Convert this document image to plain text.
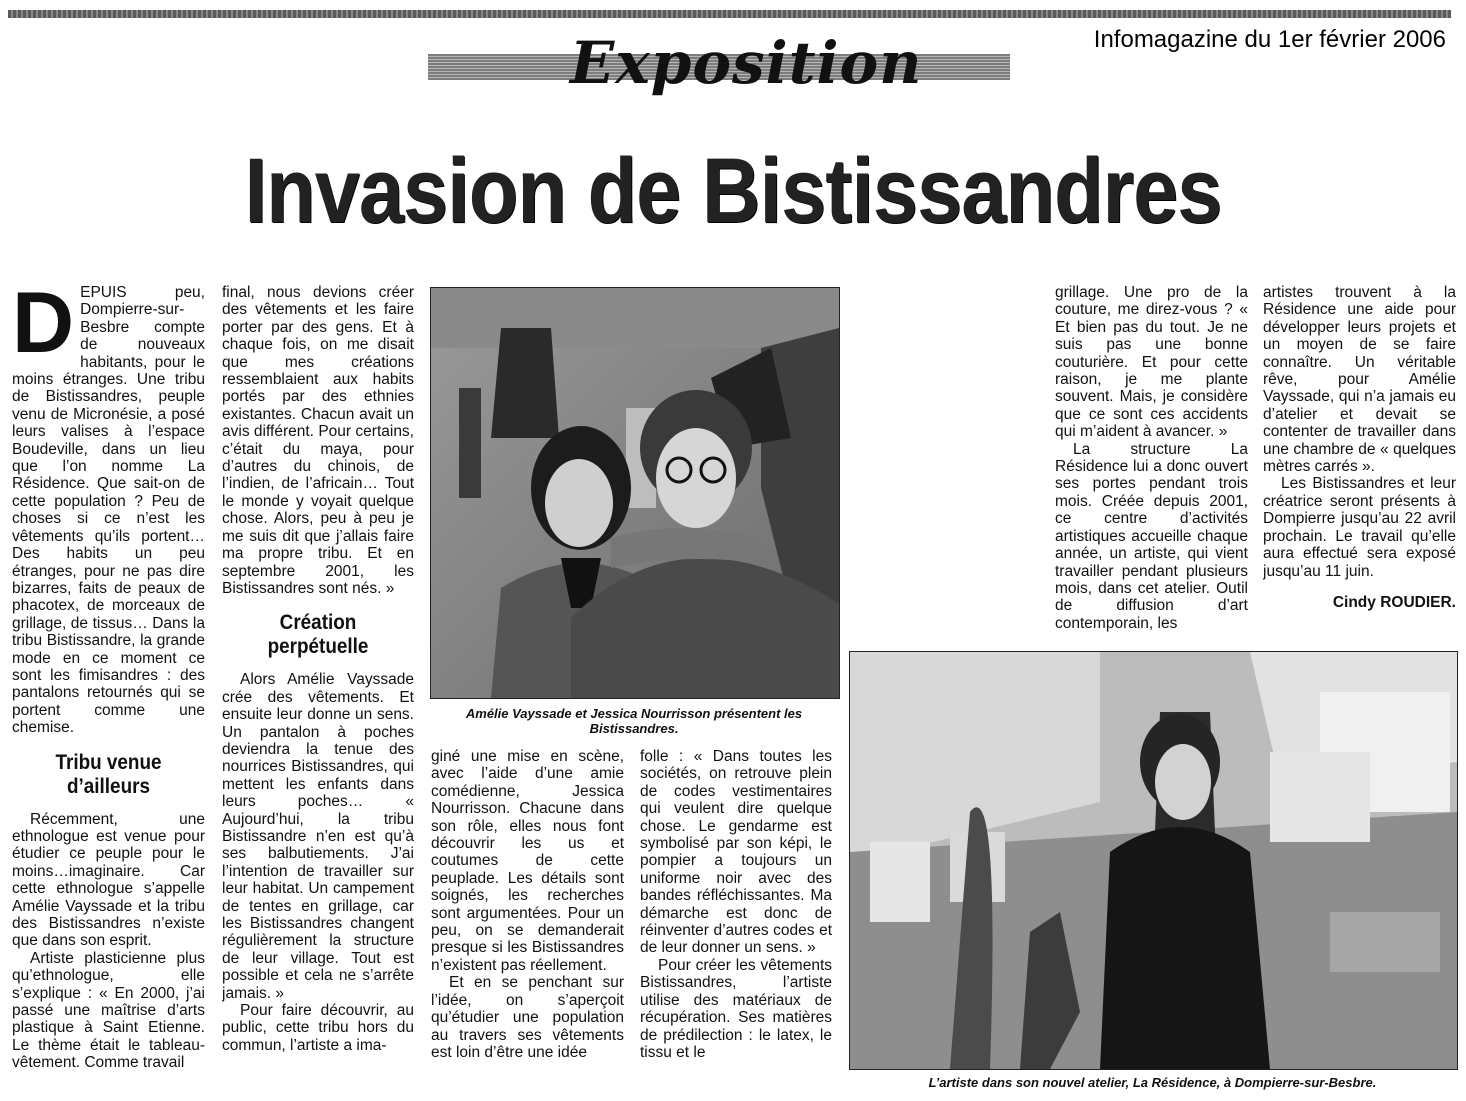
Exposition	Infomagazine du 1er février 2006
Invasion de Bistissandres
D EPUIS peu, Dompierre-sur-Besbre compte de nouveaux habitants, pour le moins étranges. Une tribu de Bistissandres, peuple venu de Micronésie, a posé leurs valises à l’espace Boudeville, dans un lieu que l’on nomme La Résidence. Que sait-on de cette population ? Peu de choses si ce n’est les vêtements qu’ils portent… Des habits un peu étranges, pour ne pas dire bizarres, faits de peaux de phacotex, de morceaux de grillage, de tissus… Dans la tribu Bistissandre, la grande mode en ce moment ce sont les fimisandres : des pantalons retournés qui se portent comme une chemise.

Tribu venue d’ailleurs

Récemment, une ethnologue est venue pour étudier ce peuple pour le moins…imaginaire. Car cette ethnologue s’appelle Amélie Vayssade et la tribu des Bistissandres n’existe que dans son esprit.

Artiste plasticienne plus qu’ethnologue, elle s’explique : « En 2000, j’ai passé une maîtrise d’arts plastique à Saint Etienne. Le thème était le tableau-vêtement. Comme travail

final, nous devions créer des vêtements et les faire porter par des gens. Et à chaque fois, on me disait que mes créations ressemblaient aux habits portés par des ethnies existantes. Chacun avait un avis différent. Pour certains, c’était du maya, pour d’autres du chinois, de l’indien, de l’africain… Tout le monde y voyait quelque chose. Alors, peu à peu je me suis dit que j’allais faire ma propre tribu. Et en septembre 2001, les Bistissandres sont nés. »

Création perpétuelle

Alors Amélie Vayssade crée des vêtements. Et ensuite leur donne un sens. Un pantalon à poches deviendra la tenue des nourrices Bistissandres, qui mettent les enfants dans leurs poches… « Aujourd’hui, la tribu Bistissandre n’en est qu’à ses balbutiements. J’ai l’intention de travailler sur leur habitat. Un campement de tentes en grillage, car les Bistissandres changent régulièrement la structure de leur village. Tout est possible et cela ne s’arrête jamais. »

Pour faire découvrir, au public, cette tribu hors du commun, l’artiste a ima-

Amélie Vayssade et Jessica Nourrisson présentent les Bistissandres.

giné une mise en scène, avec l’aide d’une amie comédienne, Jessica Nourrisson. Chacune dans son rôle, elles nous font découvrir les us et coutumes de cette peuplade. Les détails sont soignés, les recherches sont argumentées. Pour un peu, on se demanderait presque si les Bistissandres n’existent pas réellement.

Et en se penchant sur l’idée, on s’aperçoit qu’étudier une population au travers ses vêtements est loin d’être une idée

folle : « Dans toutes les sociétés, on retrouve plein de codes vestimentaires qui veulent dire quelque chose. Le gendarme est symbolisé par son képi, le pompier a toujours un uniforme noir avec des bandes réfléchissantes. Ma démarche est donc de réinventer d’autres codes et de leur donner un sens. »

Pour créer les vêtements Bistissandres, l’artiste utilise des matériaux de récupération. Ses matières de prédilection : le latex, le tissu et le

grillage. Une pro de la couture, me direz-vous ? « Et bien pas du tout. Je ne suis pas une bonne couturière. Et pour cette raison, je me plante souvent. Mais, je considère que ce sont ces accidents qui m’aident à avancer. »

La structure La Résidence lui a donc ouvert ses portes pendant trois mois. Créée depuis 2001, ce centre d’activités artistiques accueille chaque année, un artiste, qui vient travailler pendant plusieurs mois, dans cet atelier. Outil de diffusion d’art contemporain, les

artistes trouvent à la Résidence une aide pour développer leurs projets et un moyen de se faire connaître. Un véritable rêve, pour Amélie Vayssade, qui n’a jamais eu d’atelier et devait se contenter de travailler dans une chambre de « quelques mètres carrés ».

Les Bistissandres et leur créatrice seront présents à Dompierre jusqu’au 22 avril prochain. Le travail qu’elle aura effectué sera exposé jusqu’au 11 juin.

Cindy ROUDIER.

L’artiste dans son nouvel atelier, La Résidence, à Dompierre-sur-Besbre.
